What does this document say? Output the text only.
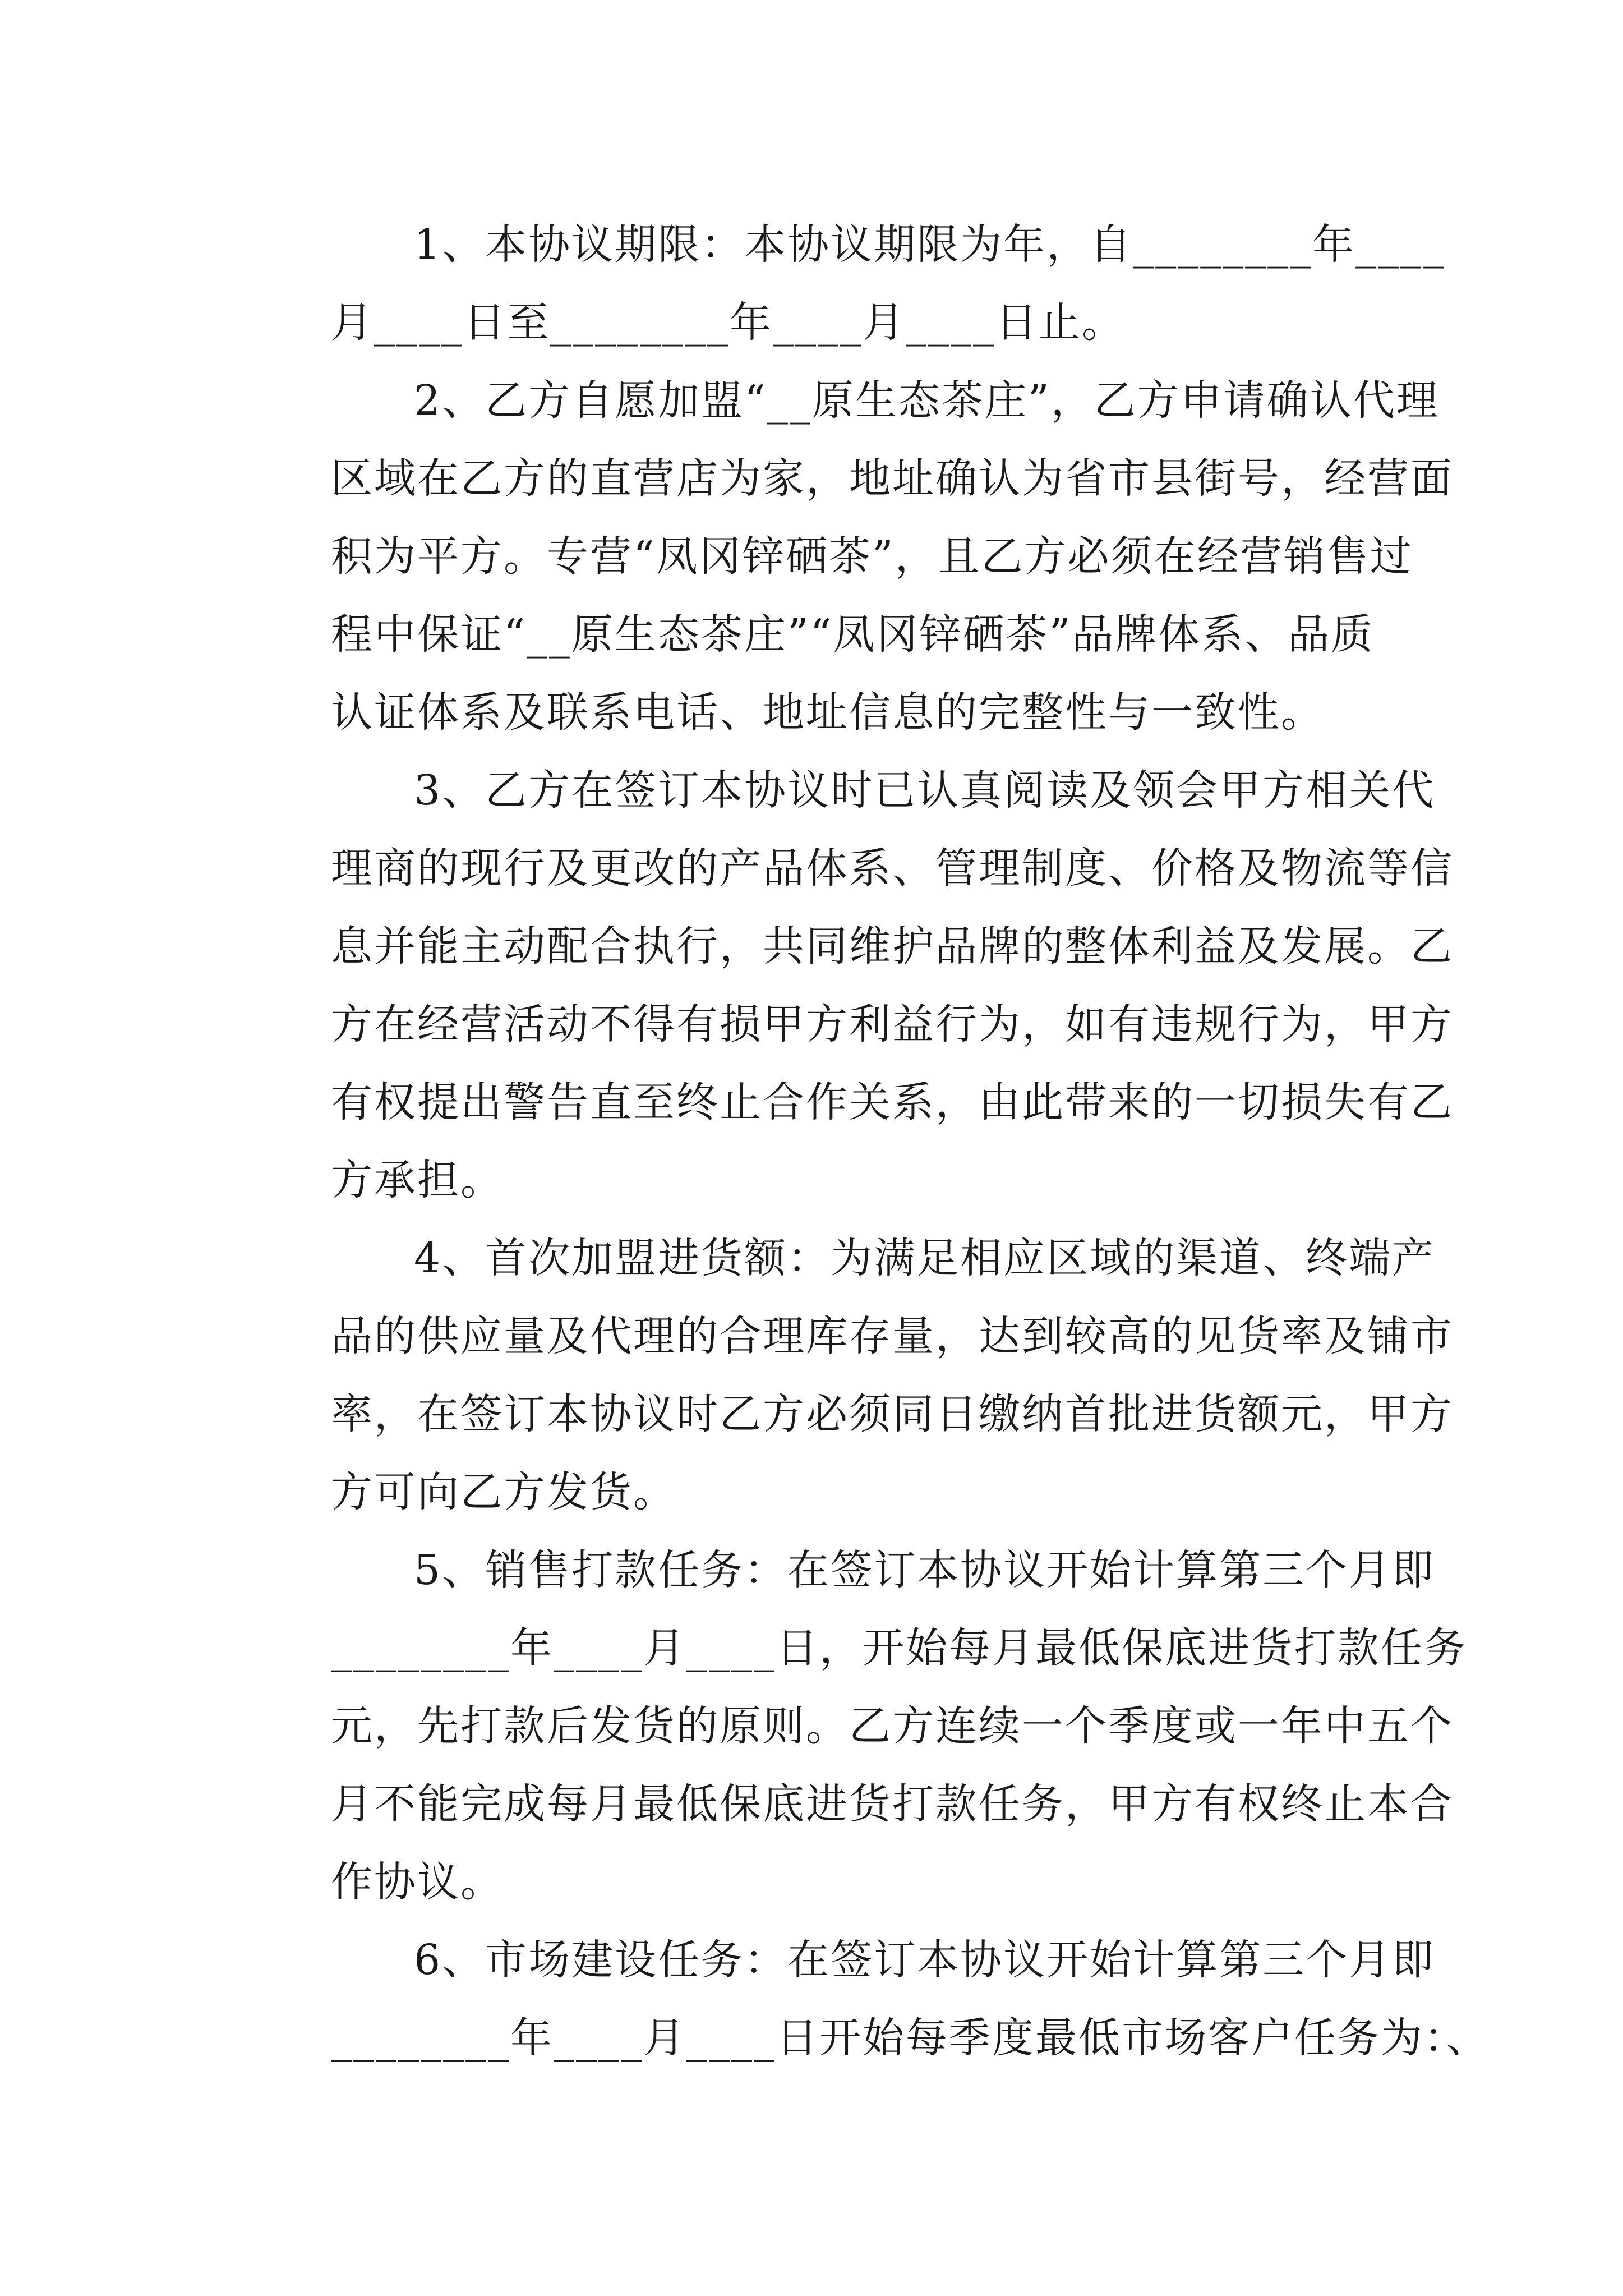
1、本协议期限：本协议期限为年，自________年____
月____日至________年____月____日止。
2、乙方自愿加盟“__原生态茶庄”，乙方申请确认代理
区域在乙方的直营店为家，地址确认为省市县街号，经营面
积为平方。专营“凤冈锌硒茶”，且乙方必须在经营销售过
程中保证“__原生态茶庄”“凤冈锌硒茶”品牌体系、品质
认证体系及联系电话、地址信息的完整性与一致性。
3、乙方在签订本协议时已认真阅读及领会甲方相关代
理商的现行及更改的产品体系、管理制度、价格及物流等信
息并能主动配合执行，共同维护品牌的整体利益及发展。乙
方在经营活动不得有损甲方利益行为，如有违规行为，甲方
有权提出警告直至终止合作关系，由此带来的一切损失有乙
方承担。
4、首次加盟进货额：为满足相应区域的渠道、终端产
品的供应量及代理的合理库存量，达到较高的见货率及铺市
率，在签订本协议时乙方必须同日缴纳首批进货额元，甲方
方可向乙方发货。
5、销售打款任务：在签订本协议开始计算第三个月即
________年____月____日，开始每月最低保底进货打款任务
元，先打款后发货的原则。乙方连续一个季度或一年中五个
月不能完成每月最低保底进货打款任务，甲方有权终止本合
作协议。
6、市场建设任务：在签订本协议开始计算第三个月即
________年____月____日开始每季度最低市场客户任务为：、
